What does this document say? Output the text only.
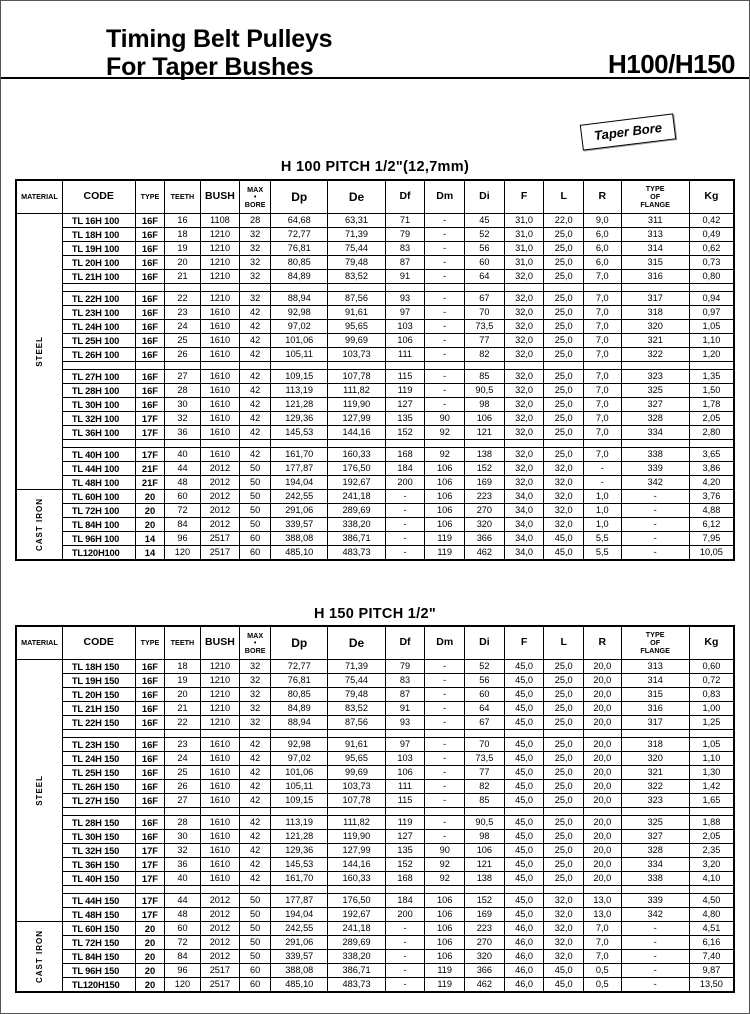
Timing Belt Pulleys
For Taper Bushes	H100/H150
Taper Bore
H 100 PITCH 1/2"(12,7mm)
MATERIAL	CODE	TYPE	TEETH	BUSH	MAX
•
BORE	Dp	De	Df	Dm	Di	F	L	R	TYPE
OF
FLANGE	Kg

STEEL	TL 16H 100	16F	16	1108	28	64,68	63,31	71	-	45	31,0	22,0	9,0	311	0,42
	TL 18H 100	16F	18	1210	32	72,77	71,39	79	-	52	31,0	25,0	6,0	313	0,49
	TL 19H 100	16F	19	1210	32	76,81	75,44	83	-	56	31,0	25,0	6,0	314	0,62
	TL 20H 100	16F	20	1210	32	80,85	79,48	87	-	60	31,0	25,0	6,0	315	0,73
	TL 21H 100	16F	21	1210	32	84,89	83,52	91	-	64	32,0	25,0	7,0	316	0,80

	TL 22H 100	16F	22	1210	32	88,94	87,56	93	-	67	32,0	25,0	7,0	317	0,94
	TL 23H 100	16F	23	1610	42	92,98	91,61	97	-	70	32,0	25,0	7,0	318	0,97
	TL 24H 100	16F	24	1610	42	97,02	95,65	103	-	73,5	32,0	25,0	7,0	320	1,05
	TL 25H 100	16F	25	1610	42	101,06	99,69	106	-	77	32,0	25,0	7,0	321	1,10
	TL 26H 100	16F	26	1610	42	105,11	103,73	111	-	82	32,0	25,0	7,0	322	1,20

	TL 27H 100	16F	27	1610	42	109,15	107,78	115	-	85	32,0	25,0	7,0	323	1,35
	TL 28H 100	16F	28	1610	42	113,19	111,82	119	-	90,5	32,0	25,0	7,0	325	1,50
	TL 30H 100	16F	30	1610	42	121,28	119,90	127	-	98	32,0	25,0	7,0	327	1,78
	TL 32H 100	17F	32	1610	42	129,36	127,99	135	90	106	32,0	25,0	7,0	328	2,05
	TL 36H 100	17F	36	1610	42	145,53	144,16	152	92	121	32,0	25,0	7,0	334	2,80

	TL 40H 100	17F	40	1610	42	161,70	160,33	168	92	138	32,0	25,0	7,0	338	3,65
	TL 44H 100	21F	44	2012	50	177,87	176,50	184	106	152	32,0	32,0	-	339	3,86
	TL 48H 100	21F	48	2012	50	194,04	192,67	200	106	169	32,0	32,0	-	342	4,20

CAST IRON	TL 60H 100	20	60	2012	50	242,55	241,18	-	106	223	34,0	32,0	1,0	-	3,76
	TL 72H 100	20	72	2012	50	291,06	289,69	-	106	270	34,0	32,0	1,0	-	4,88
	TL 84H 100	20	84	2012	50	339,57	338,20	-	106	320	34,0	32,0	1,0	-	6,12
	TL 96H 100	14	96	2517	60	388,08	386,71	-	119	366	34,0	45,0	5,5	-	7,95
	TL120H100	14	120	2517	60	485,10	483,73	-	119	462	34,0	45,0	5,5	-	10,05
H 150 PITCH 1/2"
MATERIAL	CODE	TYPE	TEETH	BUSH	MAX
•
BORE	Dp	De	Df	Dm	Di	F	L	R	TYPE
OF
FLANGE	Kg

STEEL	TL 18H 150	16F	18	1210	32	72,77	71,39	79	-	52	45,0	25,0	20,0	313	0,60
	TL 19H 150	16F	19	1210	32	76,81	75,44	83	-	56	45,0	25,0	20,0	314	0,72
	TL 20H 150	16F	20	1210	32	80,85	79,48	87	-	60	45,0	25,0	20,0	315	0,83
	TL 21H 150	16F	21	1210	32	84,89	83,52	91	-	64	45,0	25,0	20,0	316	1,00
	TL 22H 150	16F	22	1210	32	88,94	87,56	93	-	67	45,0	25,0	20,0	317	1,25

	TL 23H 150	16F	23	1610	42	92,98	91,61	97	-	70	45,0	25,0	20,0	318	1,05
	TL 24H 150	16F	24	1610	42	97,02	95,65	103	-	73,5	45,0	25,0	20,0	320	1,10
	TL 25H 150	16F	25	1610	42	101,06	99,69	106	-	77	45,0	25,0	20,0	321	1,30
	TL 26H 150	16F	26	1610	42	105,11	103,73	111	-	82	45,0	25,0	20,0	322	1,42
	TL 27H 150	16F	27	1610	42	109,15	107,78	115	-	85	45,0	25,0	20,0	323	1,65

	TL 28H 150	16F	28	1610	42	113,19	111,82	119	-	90,5	45,0	25,0	20,0	325	1,88
	TL 30H 150	16F	30	1610	42	121,28	119,90	127	-	98	45,0	25,0	20,0	327	2,05
	TL 32H 150	17F	32	1610	42	129,36	127,99	135	90	106	45,0	25,0	20,0	328	2,35
	TL 36H 150	17F	36	1610	42	145,53	144,16	152	92	121	45,0	25,0	20,0	334	3,20
	TL 40H 150	17F	40	1610	42	161,70	160,33	168	92	138	45,0	25,0	20,0	338	4,10

	TL 44H 150	17F	44	2012	50	177,87	176,50	184	106	152	45,0	32,0	13,0	339	4,50
	TL 48H 150	17F	48	2012	50	194,04	192,67	200	106	169	45,0	32,0	13,0	342	4,80

CAST IRON	TL 60H 150	20	60	2012	50	242,55	241,18	-	106	223	46,0	32,0	7,0	-	4,51
	TL 72H 150	20	72	2012	50	291,06	289,69	-	106	270	46,0	32,0	7,0	-	6,16
	TL 84H 150	20	84	2012	50	339,57	338,20	-	106	320	46,0	32,0	7,0	-	7,40
	TL 96H 150	20	96	2517	60	388,08	386,71	-	119	366	46,0	45,0	0,5	-	9,87
	TL120H150	20	120	2517	60	485,10	483,73	-	119	462	46,0	45,0	0,5	-	13,50
